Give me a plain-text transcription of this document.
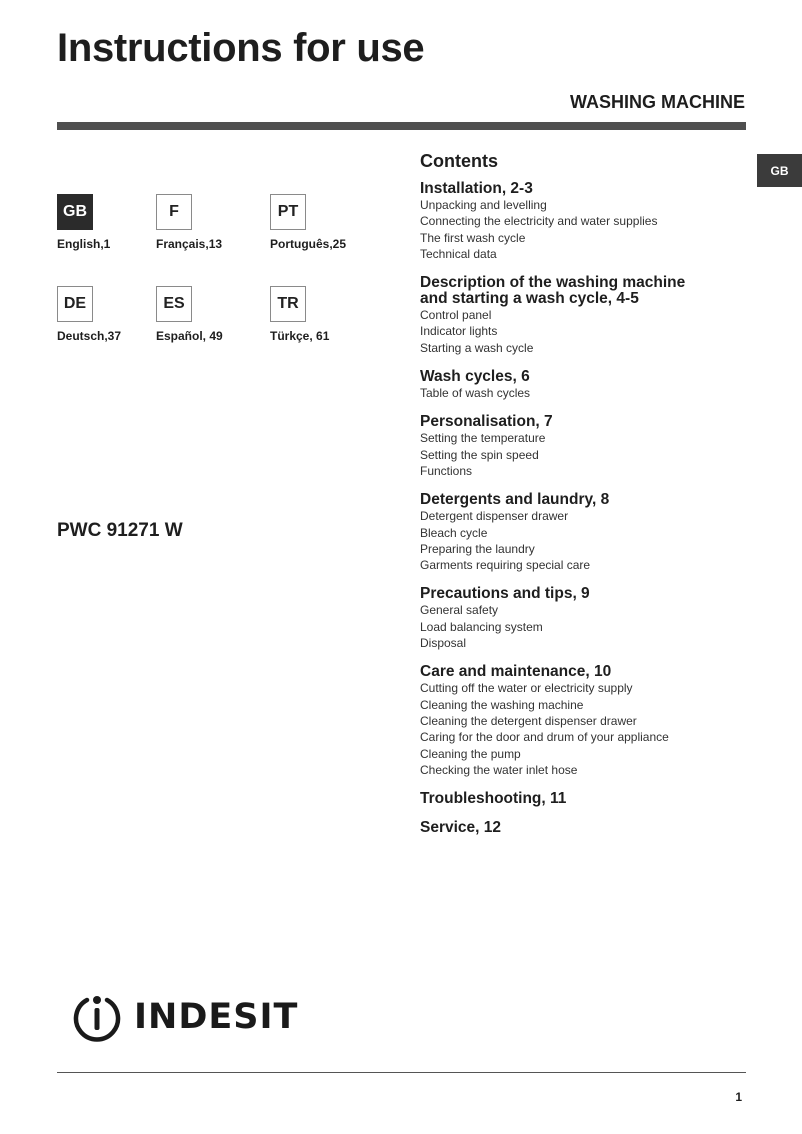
Instructions for use
WASHING MACHINE
GB
GB
English,1
F
Français,13
PT
Português,25
DE
Deutsch,37
ES
Español, 49
TR
Türkçe, 61
PWC 91271 W
Contents
Installation, 2-3
Unpacking and levelling
Connecting the electricity and water supplies
The first wash cycle
Technical data
Description of the washing machine
and starting a wash cycle, 4-5
Control panel
Indicator lights
Starting a wash cycle
Wash cycles, 6
Table of wash cycles
Personalisation, 7
Setting the temperature
Setting the spin speed
Functions
Detergents and laundry, 8
Detergent dispenser drawer
Bleach cycle
Preparing the laundry
Garments requiring special care
Precautions and tips, 9
General safety
Load balancing system
Disposal
Care and maintenance, 10
Cutting off the water or electricity supply
Cleaning the washing machine
Cleaning the detergent dispenser drawer
Caring for the door and drum of your appliance
Cleaning the pump
Checking the water inlet hose
Troubleshooting, 11
Service, 12
INDESIT
1
